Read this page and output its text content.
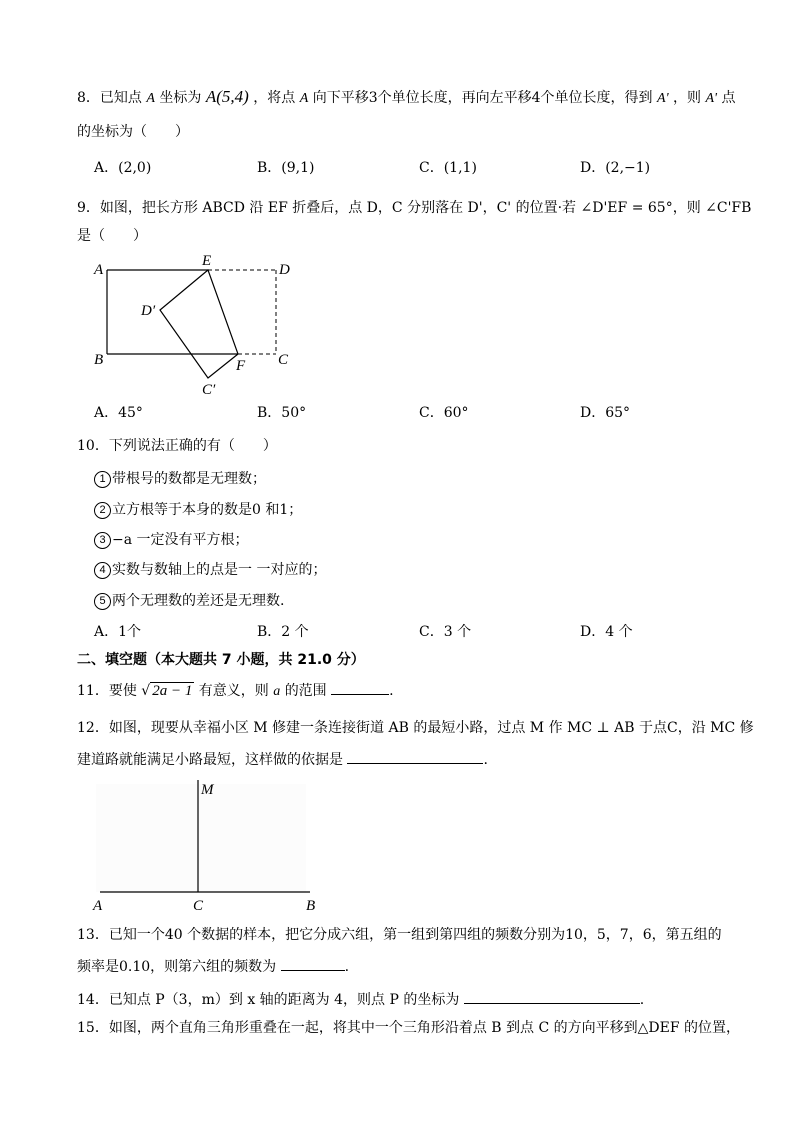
8．已知点 A 坐标为 A(5,4) ，将点 A 向下平移3个单位长度，再向左平移4个单位长度，得到 A' ，则 A' 点
的坐标为（　　）
A．(2,0)	B．(9,1)	C．(1,1)	D．(2,−1)
9．如图，把长方形 ABCD 沿 EF 折叠后，点 D，C 分别落在 D'，C' 的位置·若 ∠D'EF = 65°，则 ∠C'FB
是（　　）
A
E
D
D′
B	F C
C′
A．45°	B．50°	C．60°	D．65°
10．下列说法正确的有（　　）
1 带根号的数都是无理数；
2 立方根等于本身的数是0 和1；
3 −a 一定没有平方根；
4 实数与数轴上的点是一 一对应的；
5 两个无理数的差还是无理数.
A．1个	B．2 个	C．3 个	D．4 个
二、填空题（本大题共 7 小题，共 21.0 分）
11．要使 √ 2a − 1 有意义，则 a 的范围	.
12．如图，现要从幸福小区 M 修建一条连接街道 AB 的最短小路，过点 M 作 MC ⊥ AB 于点C，沿 MC 修
建道路就能满足小路最短，这样做的依据是	.
M
A	C	B
13．已知一个40 个数据的样本，把它分成六组，第一组到第四组的频数分别为10，5，7，6，第五组的
频率是0.10，则第六组的频数为	.
14．已知点 P（3，m）到 x 轴的距离为 4，则点 P 的坐标为	.
15．如图，两个直角三角形重叠在一起，将其中一个三角形沿着点 B 到点 C 的方向平移到△DEF 的位置，
